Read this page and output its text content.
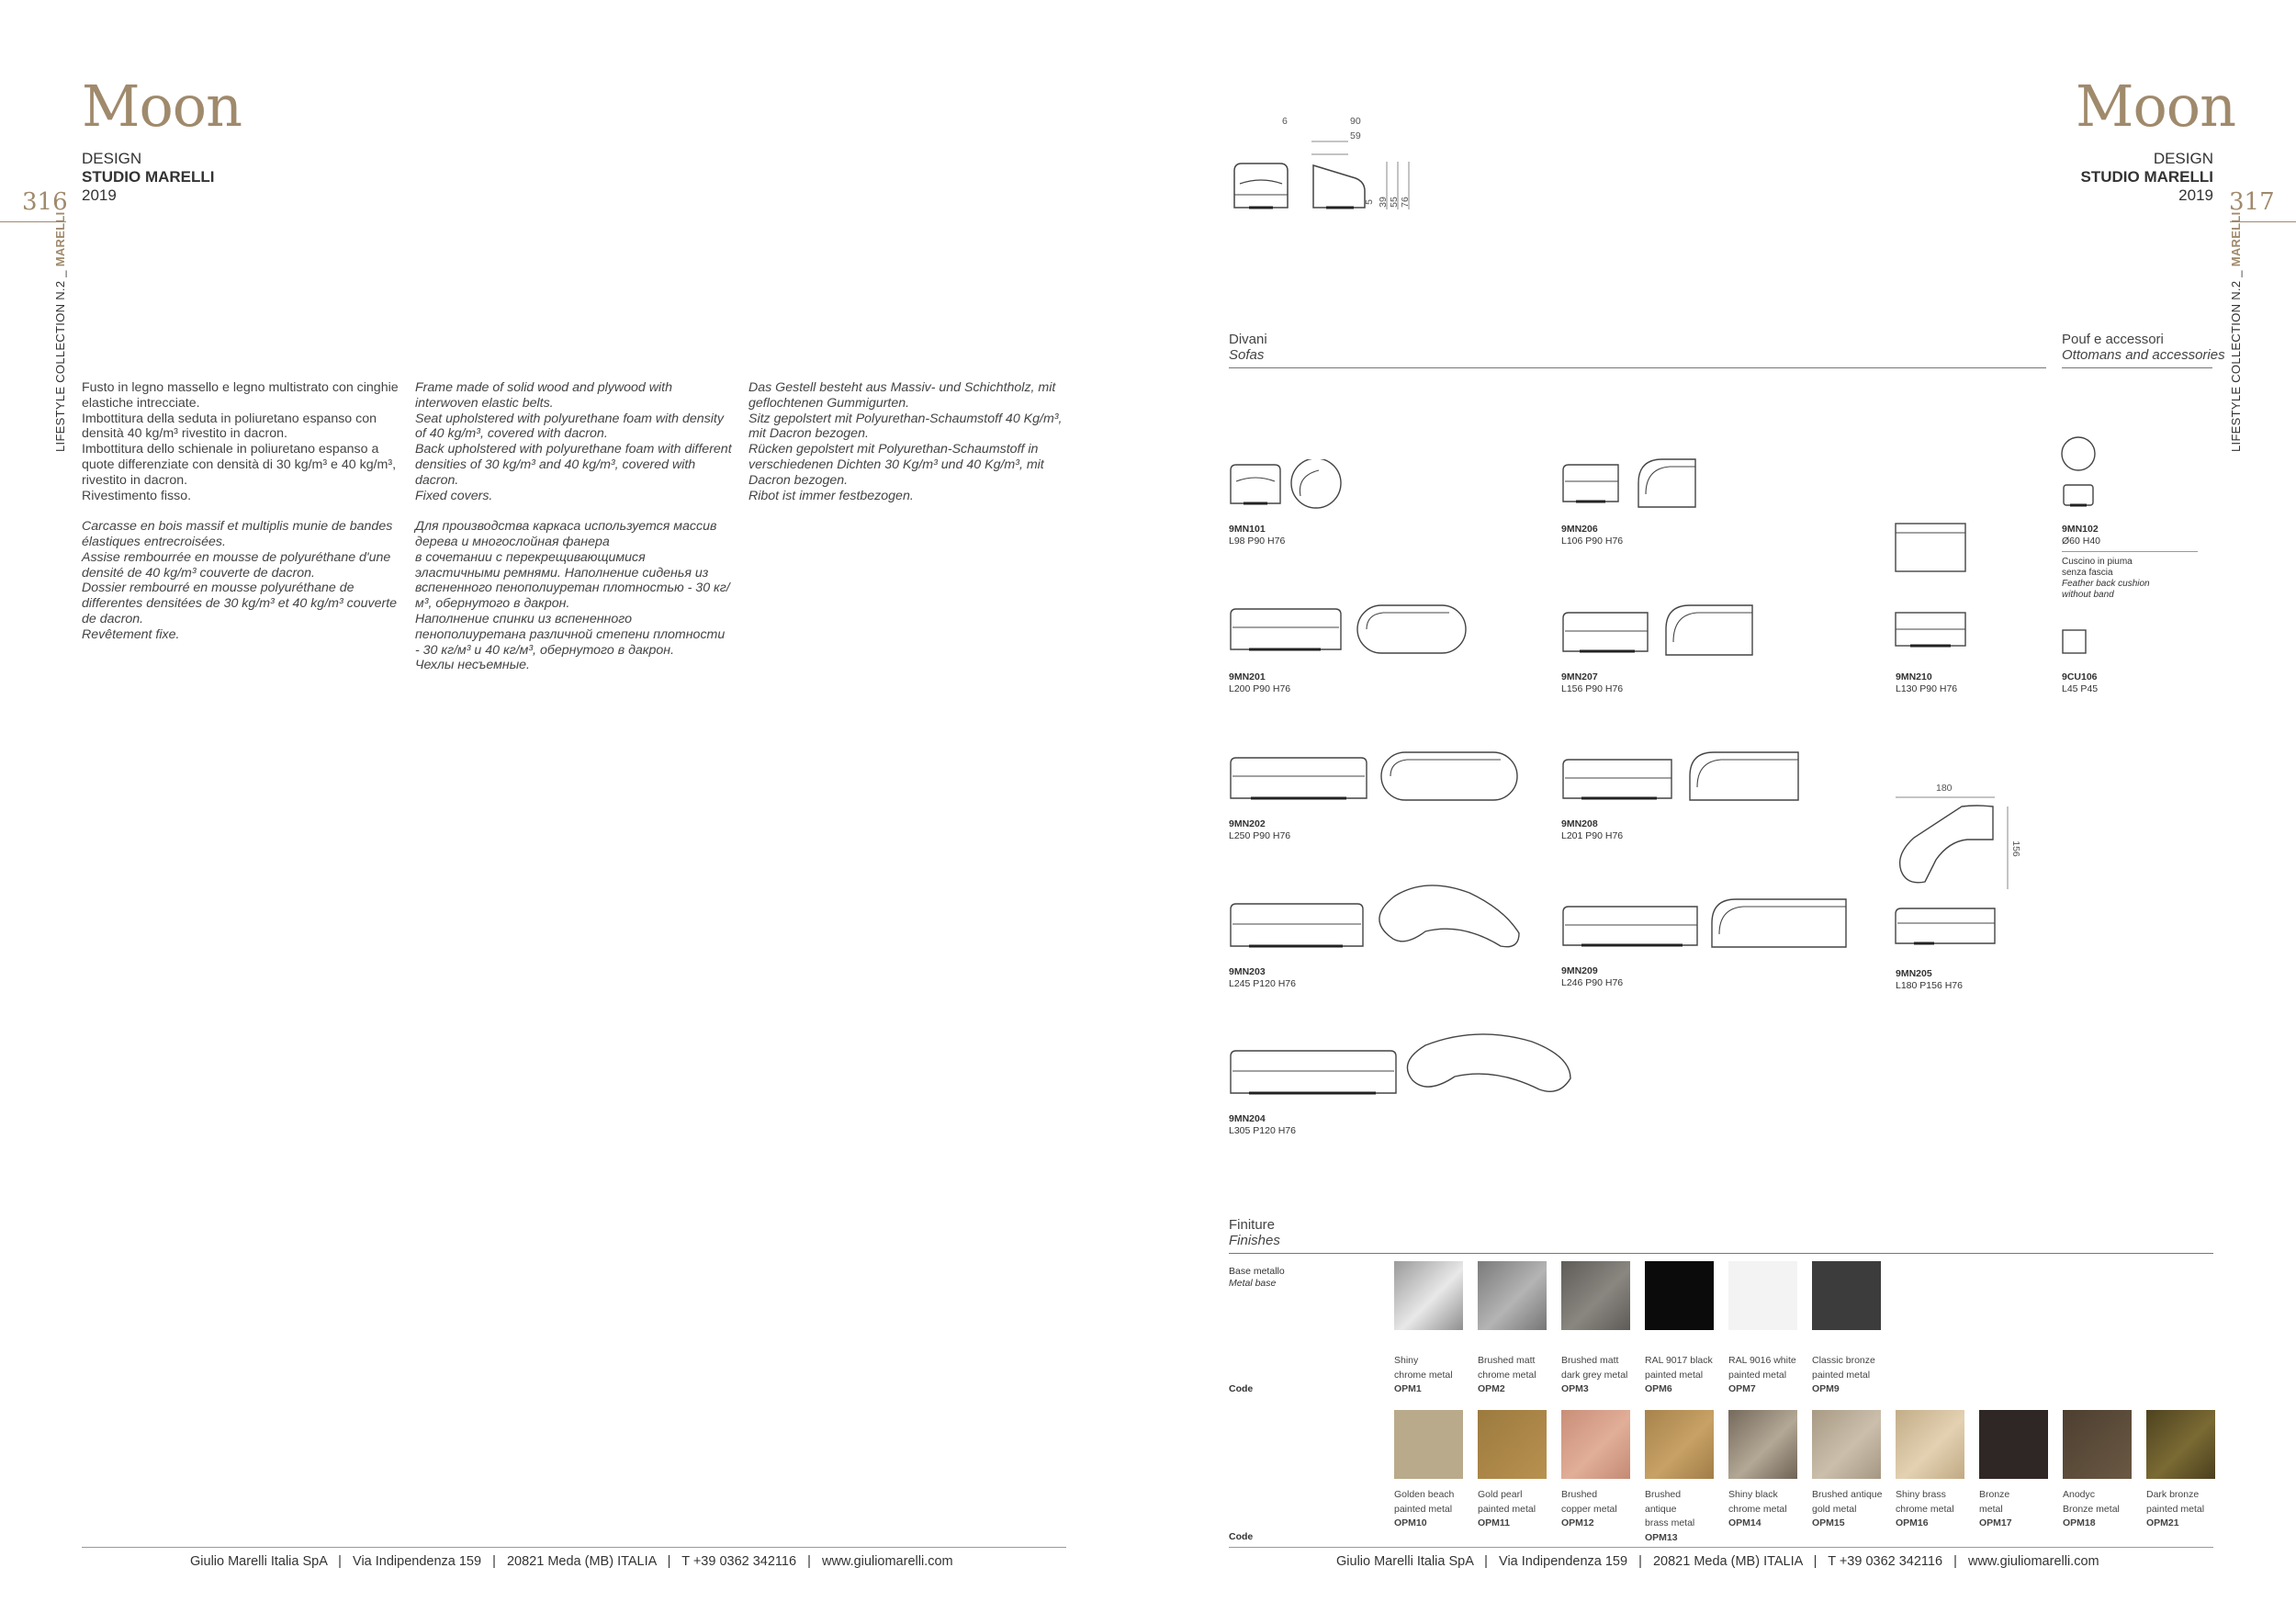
Moon
DESIGN
STUDIO MARELLI
2019
316
LIFESTYLE COLLECTION N.2 _ MARELLI

Fusto in legno massello e legno multistrato con cinghie elastiche intrecciate.
Imbottitura della seduta in poliuretano espanso con densità 40 kg/m³ rivestito in dacron.
Imbottitura dello schienale in poliuretano espanso a quote differenziate con densità di 30 kg/m³ e 40 kg/m³, rivestito in dacron.
Rivestimento fisso.

Carcasse en bois massif et multiplis munie de bandes élastiques entrecroisées.
Assise rembourrée en mousse de polyuréthane d'une densité de 40 kg/m³ couverte de dacron.
Dossier rembourré en mousse polyuréthane de differentes densitées de 30 kg/m³ et 40 kg/m³ couverte de dacron.
Revêtement fixe.

Frame made of solid wood and plywood with interwoven elastic belts.
Seat upholstered with polyurethane foam with density of 40 kg/m³, covered with dacron.
Back upholstered with polyurethane foam with different densities of 30 kg/m³ and 40 kg/m³, covered with dacron.
Fixed covers.

Для производства каркаса используется массив дерева и многослойная фанера
в сочетании с перекрещивающимися эластичными ремнями. Наполнение сиденья из вспененного пенополиуретан плотностью - 30 кг/м³, обернутого в дакрон.
Наполнение спинки из вспененного пенополиуретана различной степени плотности - 30 кг/м³ и 40 кг/м³, обернутого в дакрон.
Чехлы несъемные.

Das Gestell besteht aus Massiv- und Schichtholz, mit geflochtenen Gummigurten.
Sitz gepolstert mit Polyurethan-Schaumstoff 40 Kg/m³, mit Dacron bezogen.
Rücken gepolstert mit Polyurethan-Schaumstoff in verschiedenen Dichten 30 Kg/m³ und 40 Kg/m³, mit Dacron bezogen.
Ribot ist immer festbezogen.

Giulio Marelli Italia SpA   |   Via Indipendenza 159   |   20821 Meda (MB) ITALIA   |   T +39 0362 342116   |   www.giuliomarelli.com
Moon
DESIGN
STUDIO MARELLI
2019 317
LIFESTYLE COLLECTION N.2 _ MARELLI
6	90
59
5 39 55 76
Divani
Sofas
Pouf e accessori
Ottomans and accessories
9MN101
L98 P90 H76
9MN201
L200 P90 H76
9MN202
L250 P90 H76
9MN203
L245 P120 H76
9MN204
L305 P120 H76
9MN206
L106 P90 H76
9MN207
L156 P90 H76
9MN208
L201 P90 H76
9MN209
L246 P90 H76
9MN210
L130 P90 H76
180
156
9MN205
L180 P156 H76
9MN102
Ø60 H40
Cuscino in piuma
senza fascia
Feather back cushion
without band
9CU106
L45 P45
Finiture
Finishes
Base metallo
Metal base
Code
Code
Shiny
chrome metal
OPM1
Brushed matt
chrome metal
OPM2
Brushed matt
dark grey metal
OPM3
RAL 9017 black
painted metal
OPM6
RAL 9016 white
painted metal
OPM7
Classic bronze
painted metal
OPM9
Golden beach
painted metal
OPM10
Gold pearl
painted metal
OPM11
Brushed
copper metal
OPM12
Brushed
antique
brass metal
OPM13
Shiny black
chrome metal
OPM14
Brushed antique
gold metal
OPM15
Shiny brass
chrome metal
OPM16
Bronze
metal
OPM17
Anodyc
Bronze metal
OPM18
Dark bronze
painted metal
OPM21
Giulio Marelli Italia SpA   |   Via Indipendenza 159   |   20821 Meda (MB) ITALIA   |   T +39 0362 342116   |   www.giuliomarelli.com
